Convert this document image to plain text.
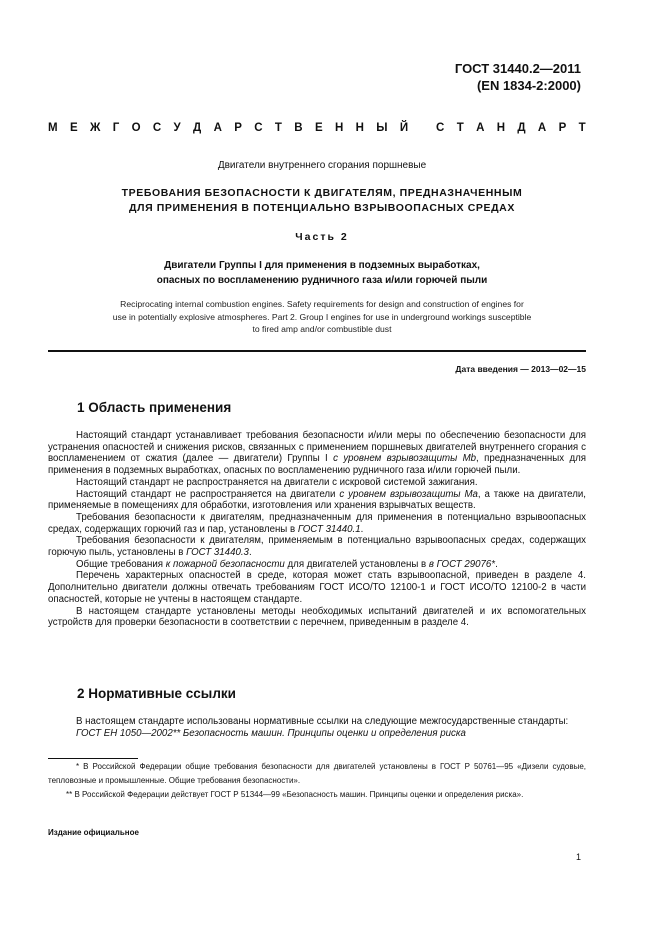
ГОСТ 31440.2—2011
(EN 1834-2:2000)
М Е Ж Г О С У Д А Р С Т В Е Н Н Ы Й
С Т А Н Д А Р Т
Двигатели внутреннего сгорания поршневые
ТРЕБОВАНИЯ БЕЗОПАСНОСТИ К ДВИГАТЕЛЯМ, ПРЕДНАЗНАЧЕННЫМ
ДЛЯ ПРИМЕНЕНИЯ В ПОТЕНЦИАЛЬНО ВЗРЫВООПАСНЫХ СРЕДАХ
Часть 2
Двигатели Группы I для применения в подземных выработках,
опасных по воспламенению рудничного газа и/или горючей пыли
Reciprocating internal combustion engines. Safety requirements for design and construction of engines for
use in potentially explosive atmospheres. Part 2. Group I engines for use in underground workings susceptible
to fired amp and/or combustible dust
Дата введения — 2013—02—15
1 Область применения

Настоящий стандарт устанавливает требования безопасности и/или меры по обеспечению безопасности для устранения опасностей и снижения рисков, связанных с применением поршневых двигателей внутреннего сгорания с воспламенением от сжатия (далее — двигатели) Группы I с уровнем взрывозащиты Mb, предназначенных для применения в подземных выработках, опасных по воспламенению рудничного газа и/или горючей пыли.

Настоящий стандарт не распространяется на двигатели с искровой системой зажигания.

Настоящий стандарт не распространяется на двигатели с уровнем взрывозащиты Ma, а также на двигатели, применяемые в помещениях для обработки, изготовления или хранения взрывчатых веществ.

Требования безопасности к двигателям, предназначенным для применения в потенциально взрывоопасных средах, содержащих горючий газ и пар, установлены в ГОСТ 31440.1.

Требования безопасности к двигателям, применяемым в потенциально взрывоопасных средах, содержащих горючую пыль, установлены в ГОСТ 31440.3.

Общие требования к пожарной безопасности для двигателей установлены в в ГОСТ 29076*.

Перечень характерных опасностей в среде, которая может стать взрывоопасной, приведен в разделе 4. Дополнительно двигатели должны отвечать требованиям ГОСТ ИСО/ТО 12100-1 и ГОСТ ИСО/ТО 12100-2 в части опасностей, которые не учтены в настоящем стандарте.

В настоящем стандарте установлены методы необходимых испытаний двигателей и их вспомогательных устройств для проверки безопасности в соответствии с перечнем, приведенным в разделе 4.

2 Нормативные ссылки

В настоящем стандарте использованы нормативные ссылки на следующие межгосударственные стандарты:

ГОСТ ЕН 1050—2002** Безопасность машин. Принципы оценки и определения риска

* В Российской Федерации общие требования безопасности для двигателей установлены в ГОСТ Р 50761—95 «Дизели судовые, тепловозные и промышленные. Общие требования безопасности».

** В Российской Федерации действует ГОСТ Р 51344—99 «Безопасность машин. Принципы оценки и определения риска».

Издание официальное
1
